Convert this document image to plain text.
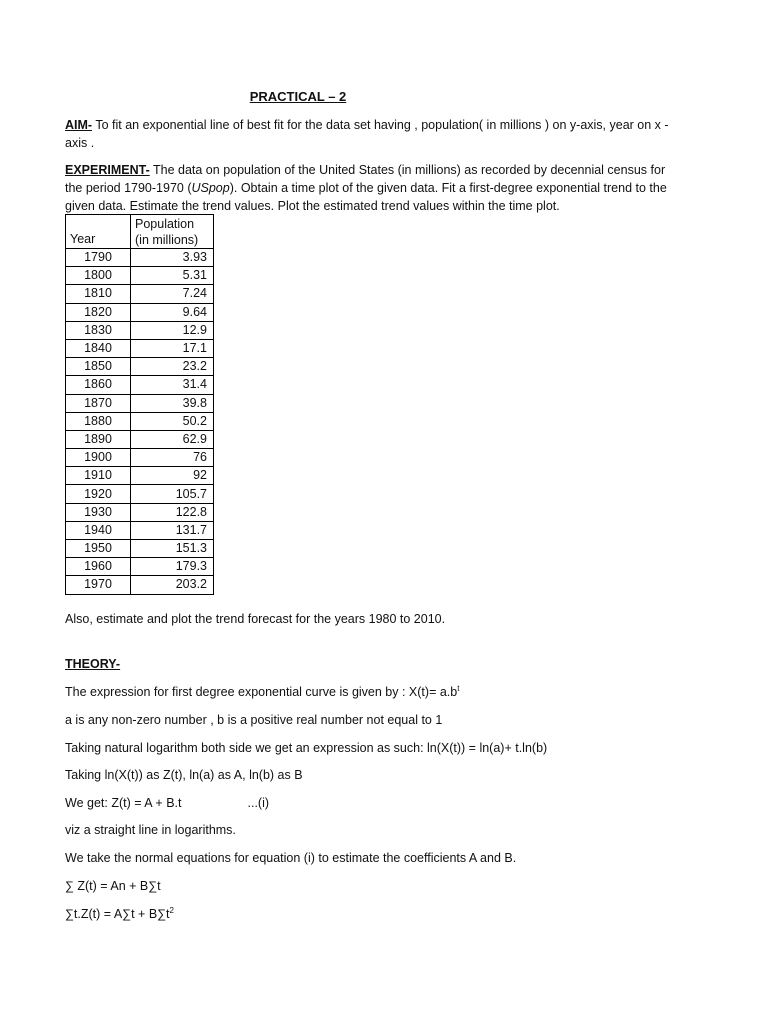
PRACTICAL – 2

AIM- To fit an exponential line of best fit for the data set having , population( in millions ) on y-axis, year on x - axis .

EXPERIMENT- The data on population of the United States (in millions) as recorded by decennial census for the period 1790-1970 (USpop). Obtain a time plot of the given data. Fit a first-degree exponential trend to the given data. Estimate the trend values. Plot the estimated trend values within the time plot.

Year	Population
(in millions)
1790	3.93
1800	5.31
1810	7.24
1820	9.64
1830	12.9
1840	17.1
1850	23.2
1860	31.4
1870	39.8
1880	50.2
1890	62.9
1900	76
1910	92
1920	105.7
1930	122.8
1940	131.7
1950	151.3
1960	179.3
1970	203.2

Also, estimate and plot the trend forecast for the years 1980 to 2010.

THEORY-

The expression for first degree exponential curve is given by : $X(t)= a.b^t$

a is any non-zero number , b is a positive real number not equal to 1

Taking natural logarithm both side we get an expression as such: ln(X(t)) = ln(a)+ t.ln(b)

Taking ln(X(t)) as Z(t), ln(a) as A, ln(b) as B

We get: Z(t) = A + B.t	...(i)

viz a straight line in logarithms.

We take the normal equations for equation (i) to estimate the coefficients A and B.

∑ Z(t) = An + B∑t

$\sum t.Z(t) = A\sum t + B\sum t^2$
